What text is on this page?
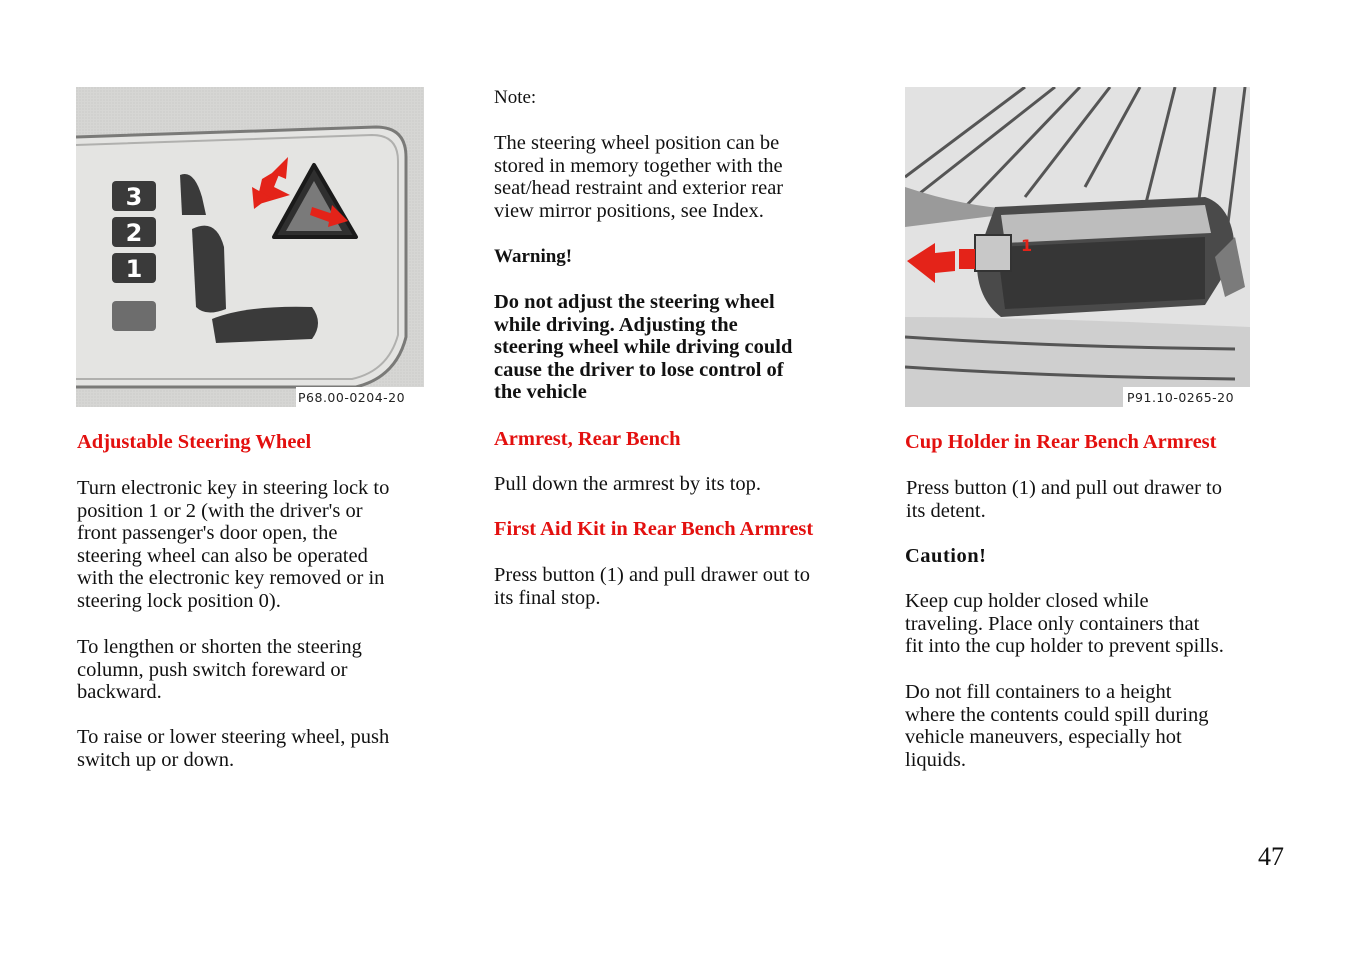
3
2
1
P68.00-0204-20

Adjustable Steering Wheel

Turn electronic key in steering lock to
position 1 or 2 (with the driver's or
front passenger's door open, the
steering wheel can also be operated
with the electronic key removed or in
steering lock position 0).
To lengthen or shorten the steering
column, push switch foreward or
backward.
To raise or lower steering wheel, push
switch up or down.

Note:

The steering wheel position can be
stored in memory together with the
seat/head restraint and exterior rear
view mirror positions, see Index.

Warning!

Do not adjust the steering wheel
while driving. Adjusting the
steering wheel while driving could
cause the driver to lose control of
the vehicle

Armrest, Rear Bench

Pull down the armrest by its top.

First Aid Kit in Rear Bench Armrest

Press button (1) and pull drawer out to
its final stop.
1
P91.10-0265-20

Cup Holder in Rear Bench Armrest

Press button (1) and pull out drawer to
its detent.

Caution!

Keep cup holder closed while
traveling. Place only containers that
fit into the cup holder to prevent spills.
Do not fill containers to a height
where the contents could spill during
vehicle maneuvers, especially hot
liquids.
47
